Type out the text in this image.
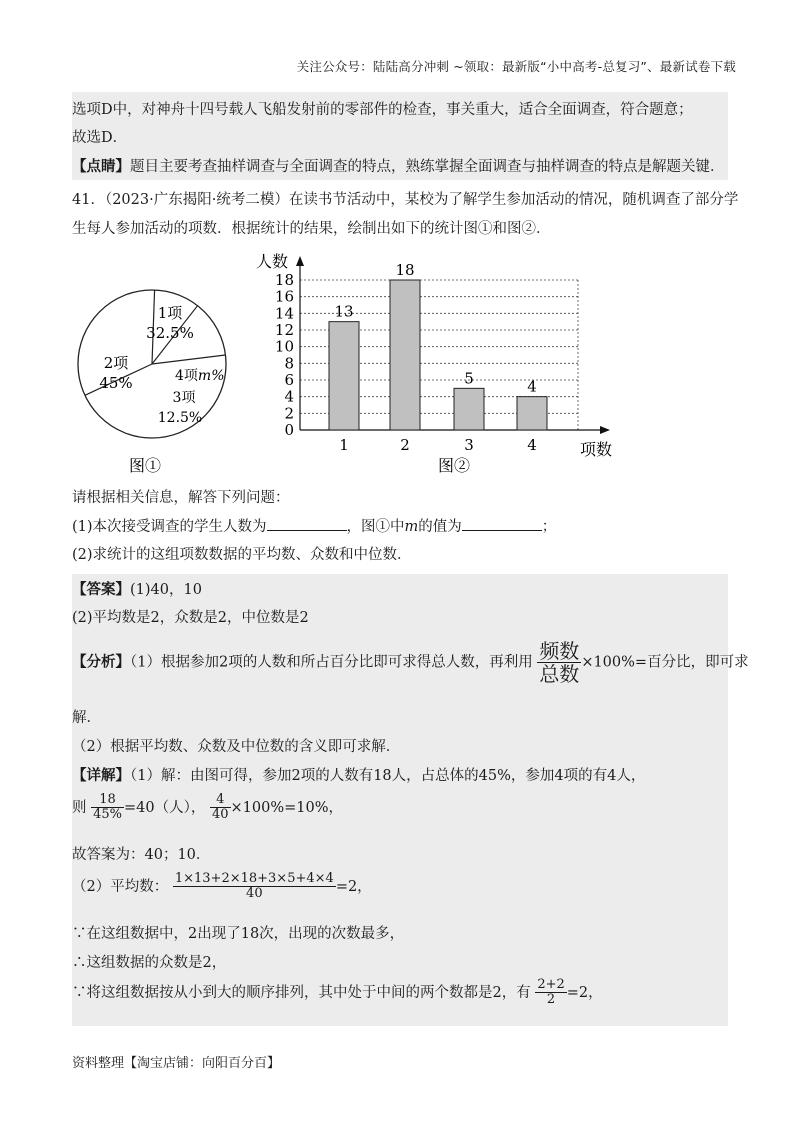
关注公众号：陆陆高分冲刺 ~领取：最新版“小中高考-总复习”、最新试卷下载
选项D中，对神舟十四号载人飞船发射前的零部件的检查，事关重大，适合全面调查，符合题意；
故选D．
【点睛】题目主要考查抽样调查与全面调查的特点，熟练掌握全面调查与抽样调查的特点是解题关键．
41．（2023·广东揭阳·统考二模）在读书节活动中，某校为了解学生参加活动的情况，随机调查了部分学
生每人参加活动的项数．根据统计的结果，绘制出如下的统计图①和图②．
1项
32.5%
2项
45%	4项m%
3项
12.5%
图①
人数
0
2
4
6
8
10
12
14
16
18
13
18
5	4
1	2	3	4	项数
图②
请根据相关信息，解答下列问题：
(1)本次接受调查的学生人数为	，图①中m的值为	；
(2)求统计的这组项数数据的平均数、众数和中位数．
【答案】(1)40，10
(2)平均数是2，众数是2，中位数是2
【分析】（1）根据参加2项的人数和所占百分比即可求得总人数，再利用 $\frac{\text{频数}}{\text{总数}} \times 100\%=$百分比，即可求
解．
（2）根据平均数、众数及中位数的含义即可求解．
【详解】（1）解：由图可得，参加2项的人数有18人，占总体的45%，参加4项的有4人，
则 $\frac{18}{45\%} =40$（人）， $\frac{4}{40} \times 100\%=10\%$，
故答案为：40；10．
（2）平均数： $\frac{1\times 13+2\times 18+3\times 5+4\times 4}{40} =2$，
∵在这组数据中，2出现了18次，出现的次数最多，
∴这组数据的众数是2，
∵将这组数据按从小到大的顺序排列，其中处于中间的两个数都是2，有 $\frac{2+2}{2} =2$，
资料整理【淘宝店铺：向阳百分百】
